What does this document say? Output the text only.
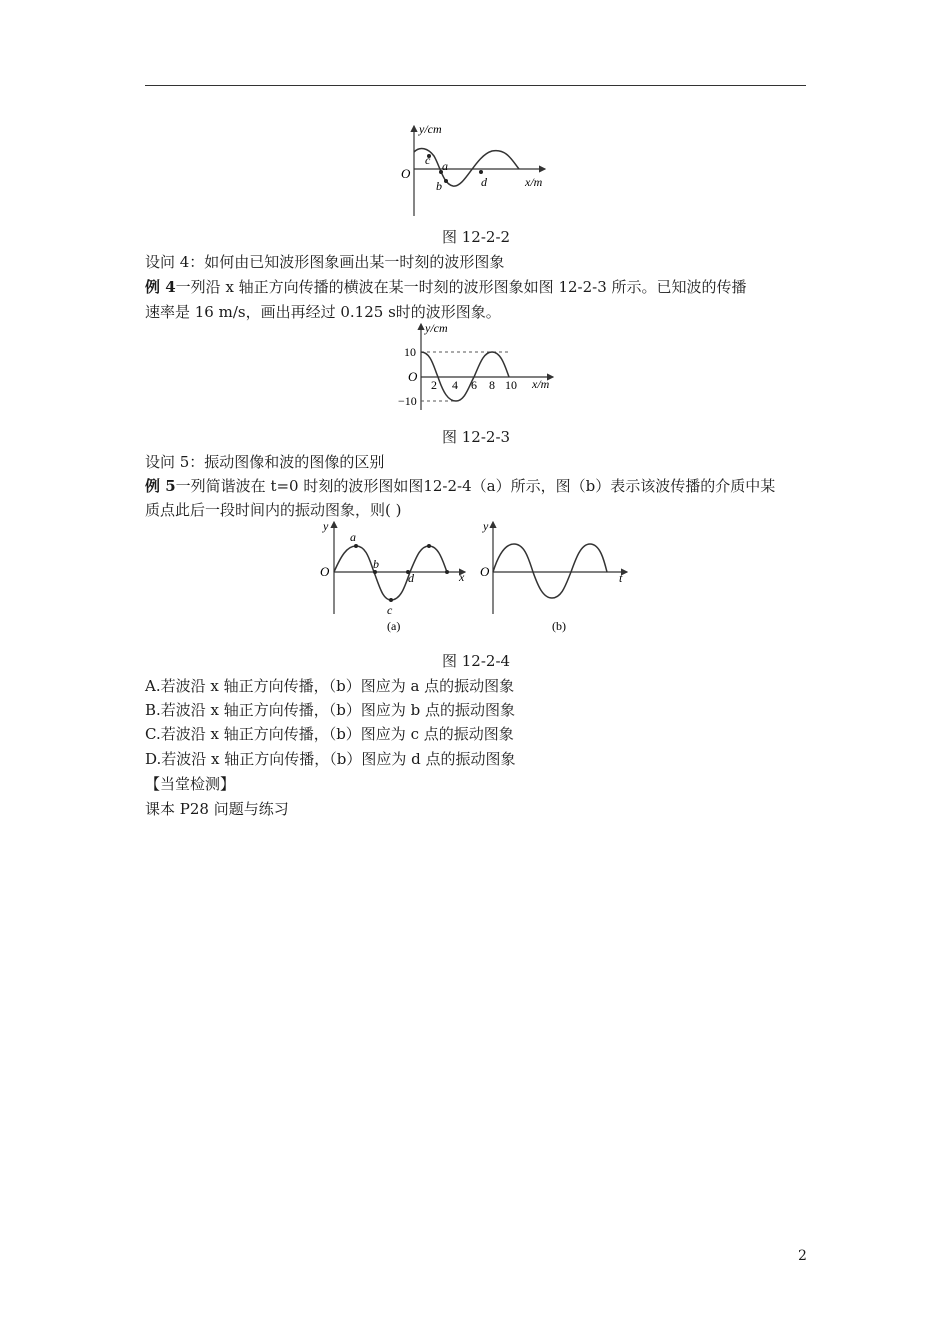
y/cm
x/m
O
c a
b	d
图 12-2-2
设问 4：如何由已知波形图象画出某一时刻的波形图象
例 4一列沿 x 轴正方向传播的横波在某一时刻的波形图象如图 12-2-3 所示。已知波的传播
速率是 16 m/s，画出再经过 0.125 s时的波形图象。
y/cm
x/m
O
10
−10
2 4 6 8 10
图 12-2-3
设问 5：振动图像和波的图像的区别
例 5一列简谐波在 t=0 时刻的波形图如图12-2-4（a）所示，图（b）表示该波传播的介质中某
质点此后一段时间内的振动图象，则( )
y
x
O
a
b
c
d
(a)
y
t
O
(b)
图 12-2-4
A.若波沿 x 轴正方向传播，（b）图应为 a 点的振动图象
B.若波沿 x 轴正方向传播，（b）图应为 b 点的振动图象
C.若波沿 x 轴正方向传播，（b）图应为 c 点的振动图象
D.若波沿 x 轴正方向传播，（b）图应为 d 点的振动图象
【当堂检测】
课本 P28 问题与练习
2
